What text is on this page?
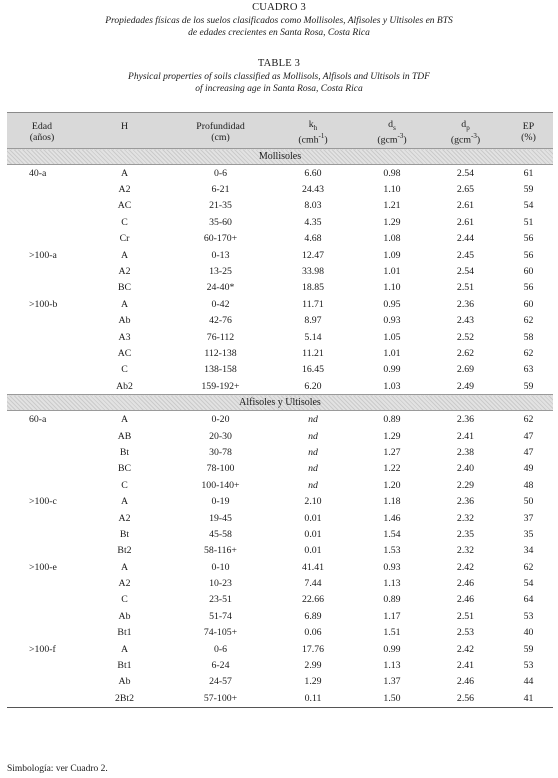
CUADRO 3
Propiedades físicas de los suelos clasificados como Mollisoles, Alfisoles y Ultisoles en BTS
de edades crecientes en Santa Rosa, Costa Rica
TABLE 3
Physical properties of soils classified as Mollisols, Alfisols and Ultisols in TDF
of increasing age in Santa Rosa, Costa Rica
Edad	H	Profundidad	$k_h$	$d_s$	$d_p$	EP
(años)		(cm)	(cmh$^{-1}$)	(gcm$^{-3}$)	(gcm$^{-3}$)	(%)
Mollisoles						
40-a	A	0-6	6.60	0.98	2.54	61
	A2	6-21	24.43	1.10	2.65	59
	AC	21-35	8.03	1.21	2.61	54
	C	35-60	4.35	1.29	2.61	51
	Cr	60-170+	4.68	1.08	2.44	56
>100-a	A	0-13	12.47	1.09	2.45	56
	A2	13-25	33.98	1.01	2.54	60
	BC	24-40*	18.85	1.10	2.51	56
>100-b	A	0-42	11.71	0.95	2.36	60
	Ab	42-76	8.97	0.93	2.43	62
	A3	76-112	5.14	1.05	2.52	58
	AC	112-138	11.21	1.01	2.62	62
	C	138-158	16.45	0.99	2.69	63
	Ab2	159-192+	6.20	1.03	2.49	59
Alfisoles y Ultisoles						
60-a	A	0-20	nd	0.89	2.36	62
	AB	20-30	nd	1.29	2.41	47
	Bt	30-78	nd	1.27	2.38	47
	BC	78-100	nd	1.22	2.40	49
	C	100-140+	nd	1.20	2.29	48
>100-c	A	0-19	2.10	1.18	2.36	50
	A2	19-45	0.01	1.46	2.32	37
	Bt	45-58	0.01	1.54	2.35	35
	Bt2	58-116+	0.01	1.53	2.32	34
>100-e	A	0-10	41.41	0.93	2.42	62
	A2	10-23	7.44	1.13	2.46	54
	C	23-51	22.66	0.89	2.46	64
	Ab	51-74	6.89	1.17	2.51	53
	Bt1	74-105+	0.06	1.51	2.53	40
>100-f	A	0-6	17.76	0.99	2.42	59
	Bt1	6-24	2.99	1.13	2.41	53
	Ab	24-57	1.29	1.37	2.46	44
	2Bt2	57-100+	0.11	1.50	2.56	41
Simbología: ver Cuadro 2.
